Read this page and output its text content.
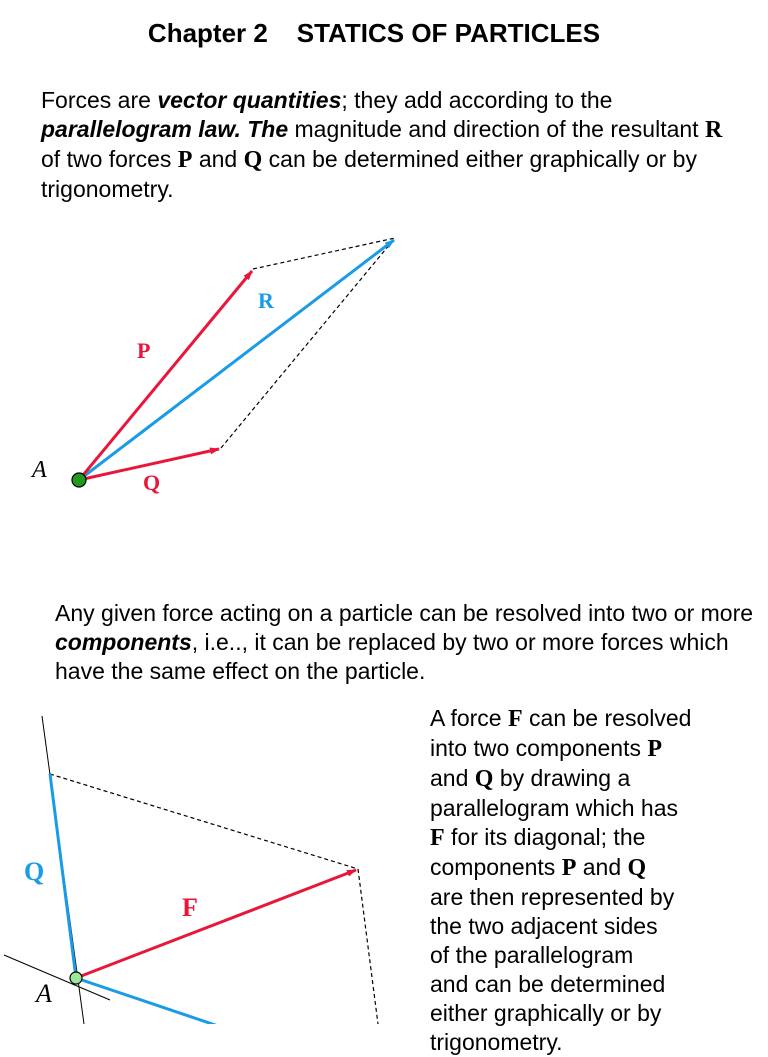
Chapter 2    STATICS OF PARTICLES

Forces are vector quantities; they add according to the parallelogram law. The magnitude and direction of the resultant R of two forces P and Q can be determined either graphically or by trigonometry.

A
P
Q
R

Any given force acting on a particle can be resolved into two or more components, i.e.., it can be replaced by two or more forces which have the same effect on the particle.

A
Q
F

A force F can be resolved
into two components P
and Q by drawing a
parallelogram which has
F for its diagonal; the
components P and Q
are then represented by
the two adjacent sides
of the parallelogram
and can be determined
either graphically or by
trigonometry.
